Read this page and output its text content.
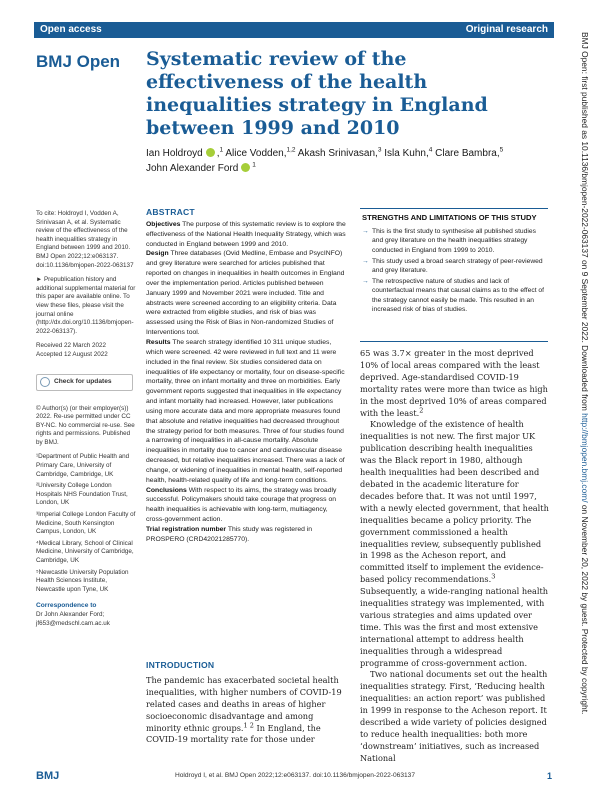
Open access	Original research
BMJ Open Systematic review of the effectiveness of the health inequalities strategy in England between 1999 and 2010
Ian Holdroyd ,$^1$ Alice Vodden,$^{1,2}$ Akash Srinivasan,$^3$ Isla Kuhn,$^4$ Clare Bambra,$^5$
John Alexander Ford $^1$

To cite: Holdroyd I, Vodden A, Srinivasan A, et al. Systematic review of the effectiveness of the health inequalities strategy in England between 1999 and 2010. BMJ Open 2022;12:e063137. doi:10.1136/bmjopen-2022-063137

► Prepublication history and additional supplemental material for this paper are available online. To view these files, please visit the journal online (http://dx.doi.org/10.1136/bmjopen-2022-063137).

Received 22 March 2022

Accepted 12 August 2022

Check for updates

© Author(s) (or their employer(s)) 2022. Re-use permitted under CC BY-NC. No commercial re-use. See rights and permissions. Published by BMJ.

¹Department of Public Health and Primary Care, University of Cambridge, Cambridge, UK
²University College London Hospitals NHS Foundation Trust, London, UK
³Imperial College London Faculty of Medicine, South Kensington Campus, London, UK
⁴Medical Library, School of Clinical Medicine, University of Cambridge, Cambridge, UK
⁵Newcastle University Population Health Sciences Institute, Newcastle upon Tyne, UK
Correspondence to
Dr John Alexander Ford;
jf653@medschl.cam.ac.uk
ABSTRACT
Objectives The purpose of this systematic review is to explore the effectiveness of the National Health Inequality Strategy, which was conducted in England between 1999 and 2010.
Design Three databases (Ovid Medline, Embase and PsycINFO) and grey literature were searched for articles published that reported on changes in inequalities in health outcomes in England over the implementation period. Articles published between January 1999 and November 2021 were included. Title and abstracts were screened according to an eligibility criteria. Data were extracted from eligible studies, and risk of bias was assessed using the Risk of Bias in Non-randomized Studies of Interventions tool.
Results The search strategy identified 10 311 unique studies, which were screened. 42 were reviewed in full text and 11 were included in the final review. Six studies considered data on inequalities of life expectancy or mortality, four on disease-specific mortality, three on infant mortality and three on morbidities. Early government reports suggested that inequalities in life expectancy and infant mortality had increased. However, later publications using more accurate data and more appropriate measures found that absolute and relative inequalities had decreased throughout the strategy period for both measures. Three of four studies found a narrowing of inequalities in all-cause mortality. Absolute inequalities in mortality due to cancer and cardiovascular disease decreased, but relative inequalities increased. There was a lack of change, or widening of inequalities in mental health, self-reported health, health-related quality of life and long-term conditions.
Conclusions With respect to its aims, the strategy was broadly successful. Policymakers should take courage that progress on health inequalities is achievable with long-term, multiagency, cross-government action.
Trial registration number This study was registered in PROSPERO (CRD42021285770).
INTRODUCTION
The pandemic has exacerbated societal health inequalities, with higher numbers of COVID-19 related cases and deaths in areas of higher socioeconomic disadvantage and among minority ethnic groups.$^{1 2}$ In England, the COVID-19 mortality rate for those under
STRENGTHS AND LIMITATIONS OF THIS STUDY
→ This is the first study to synthesise all published studies and grey literature on the health inequalities strategy conducted in England from 1999 to 2010.
→ This study used a broad search strategy of peer-reviewed and grey literature.
→ The retrospective nature of studies and lack of counterfactual means that causal claims as to the effect of the strategy cannot easily be made. This resulted in an increased risk of bias of studies.

65 was 3.7× greater in the most deprived 10% of local areas compared with the least deprived. Age-standardised COVID-19 mortality rates were more than twice as high in the most deprived 10% of areas compared with the least.$^2$

Knowledge of the existence of health inequalities is not new. The first major UK publication describing health inequalities was the Black report in 1980, although health inequalities had been described and debated in the academic literature for decades before that. It was not until 1997, with a newly elected government, that health inequalities became a policy priority. The government commissioned a health inequalities review, subsequently published in 1998 as the Acheson report, and committed itself to implement the evidence-based policy recommendations.$^3$ Subsequently, a wide-ranging national health inequalities strategy was implemented, with various strategies and aims updated over time. This was the first and most extensive international attempt to address health inequalities through a widespread programme of cross-government action.

Two national documents set out the health inequalities strategy. First, ‘Reducing health inequalities: an action report’ was published in 1999 in response to the Acheson report. It described a wide variety of policies designed to reduce health inequalities: both more ‘downstream’ initiatives, such as increased National

BMJ Open: first published as 10.1136/bmjopen-2022-063137 on 9 September 2022. Downloaded from http://bmjopen.bmj.com/ on November 20, 2022 by guest. Protected by copyright.
BMJ	Holdroyd I, et al. BMJ Open 2022;12:e063137. doi:10.1136/bmjopen-2022-063137	1
